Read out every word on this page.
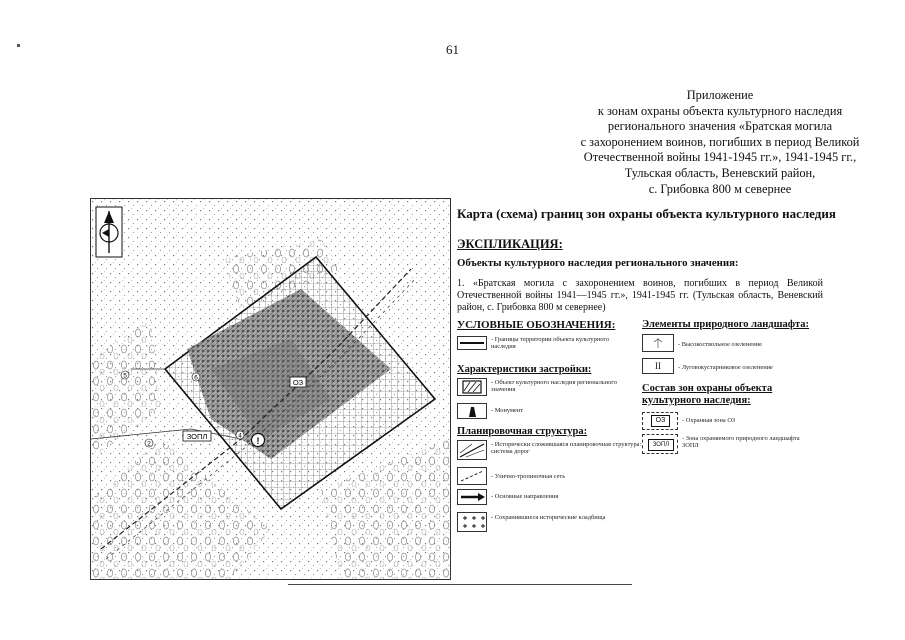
61
Приложение
к зонам охраны объекта культурного наследия
регионального значения «Братская могила
с захоронением воинов, погибших в период Великой
Отечественной войны 1941-1945 гг.», 1941-1945 гг.,
Тульская область, Веневский район,
с. Грибовка 800 м севернее
ОЗ
ЗОПЛ	!
5
2
4
6
Карта (схема) границ зон охраны объекта культурного наследия
ЭКСПЛИКАЦИЯ:
Объекты культурного наследия регионального значения:
1. «Братская могила с захоронением воинов, погибших в период Великой Отечественной войны 1941—1945 гг.», 1941-1945 гг. (Тульская область, Веневский район, с. Грибовка 800 м севернее)
УСЛОВНЫЕ ОБОЗНАЧЕНИЯ:
- Границы территории объекта культурного наследия
Характеристики застройки:
- Объект культурного наследия регионального значения
- Монумент
Планировочная структура:
- Исторически сложившаяся планировочная структура: система дорог
- Улично-тропиночная сеть
- Основные направления
- Сохранившиеся исторические кладбища
Элементы природного ландшафта:
- Высокоствольное озеленение
II	- Луговокустарниковое озеленение
Состав зон охраны объекта культурного наследия:
ОЗ	- Охранная зона ОЗ
ЗОПЛ
- Зона охраняемого природного ландшафта ЗОПЛ
